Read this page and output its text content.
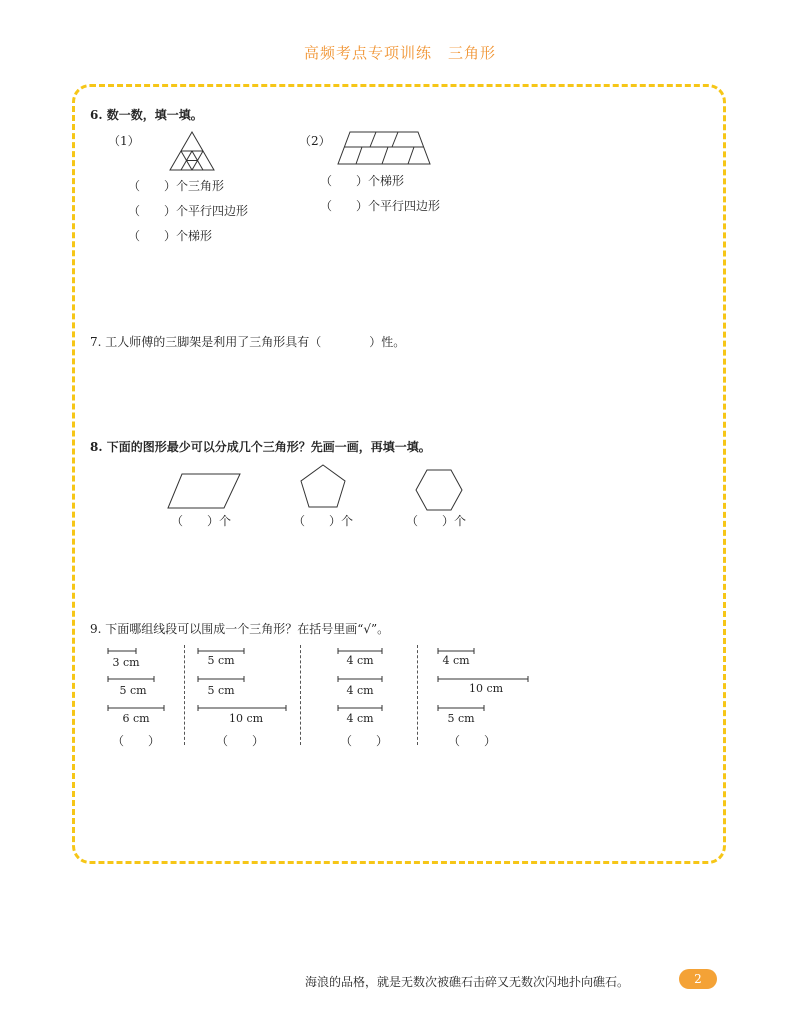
高频考点专项训练　三角形
6. 数一数，填一填。
（1）
（　　）个三角形
（　　）个平行四边形
（　　）个梯形
（2）
（　　）个梯形
（　　）个平行四边形
7. 工人师傅的三脚架是利用了三角形具有（　　　　）性。
8. 下面的图形最少可以分成几个三角形？先画一画，再填一填。
（　　）个	（　　）个	（　　）个
9. 下面哪组线段可以围成一个三角形？在括号里画“√”。
3 cm
5 cm
6 cm
（　　）
5 cm
5 cm
10 cm
（　　）
4 cm
4 cm
4 cm
（　　）
4 cm
10 cm
5 cm
（　　）
海浪的品格，就是无数次被礁石击碎又无数次闪地扑向礁石。	2
